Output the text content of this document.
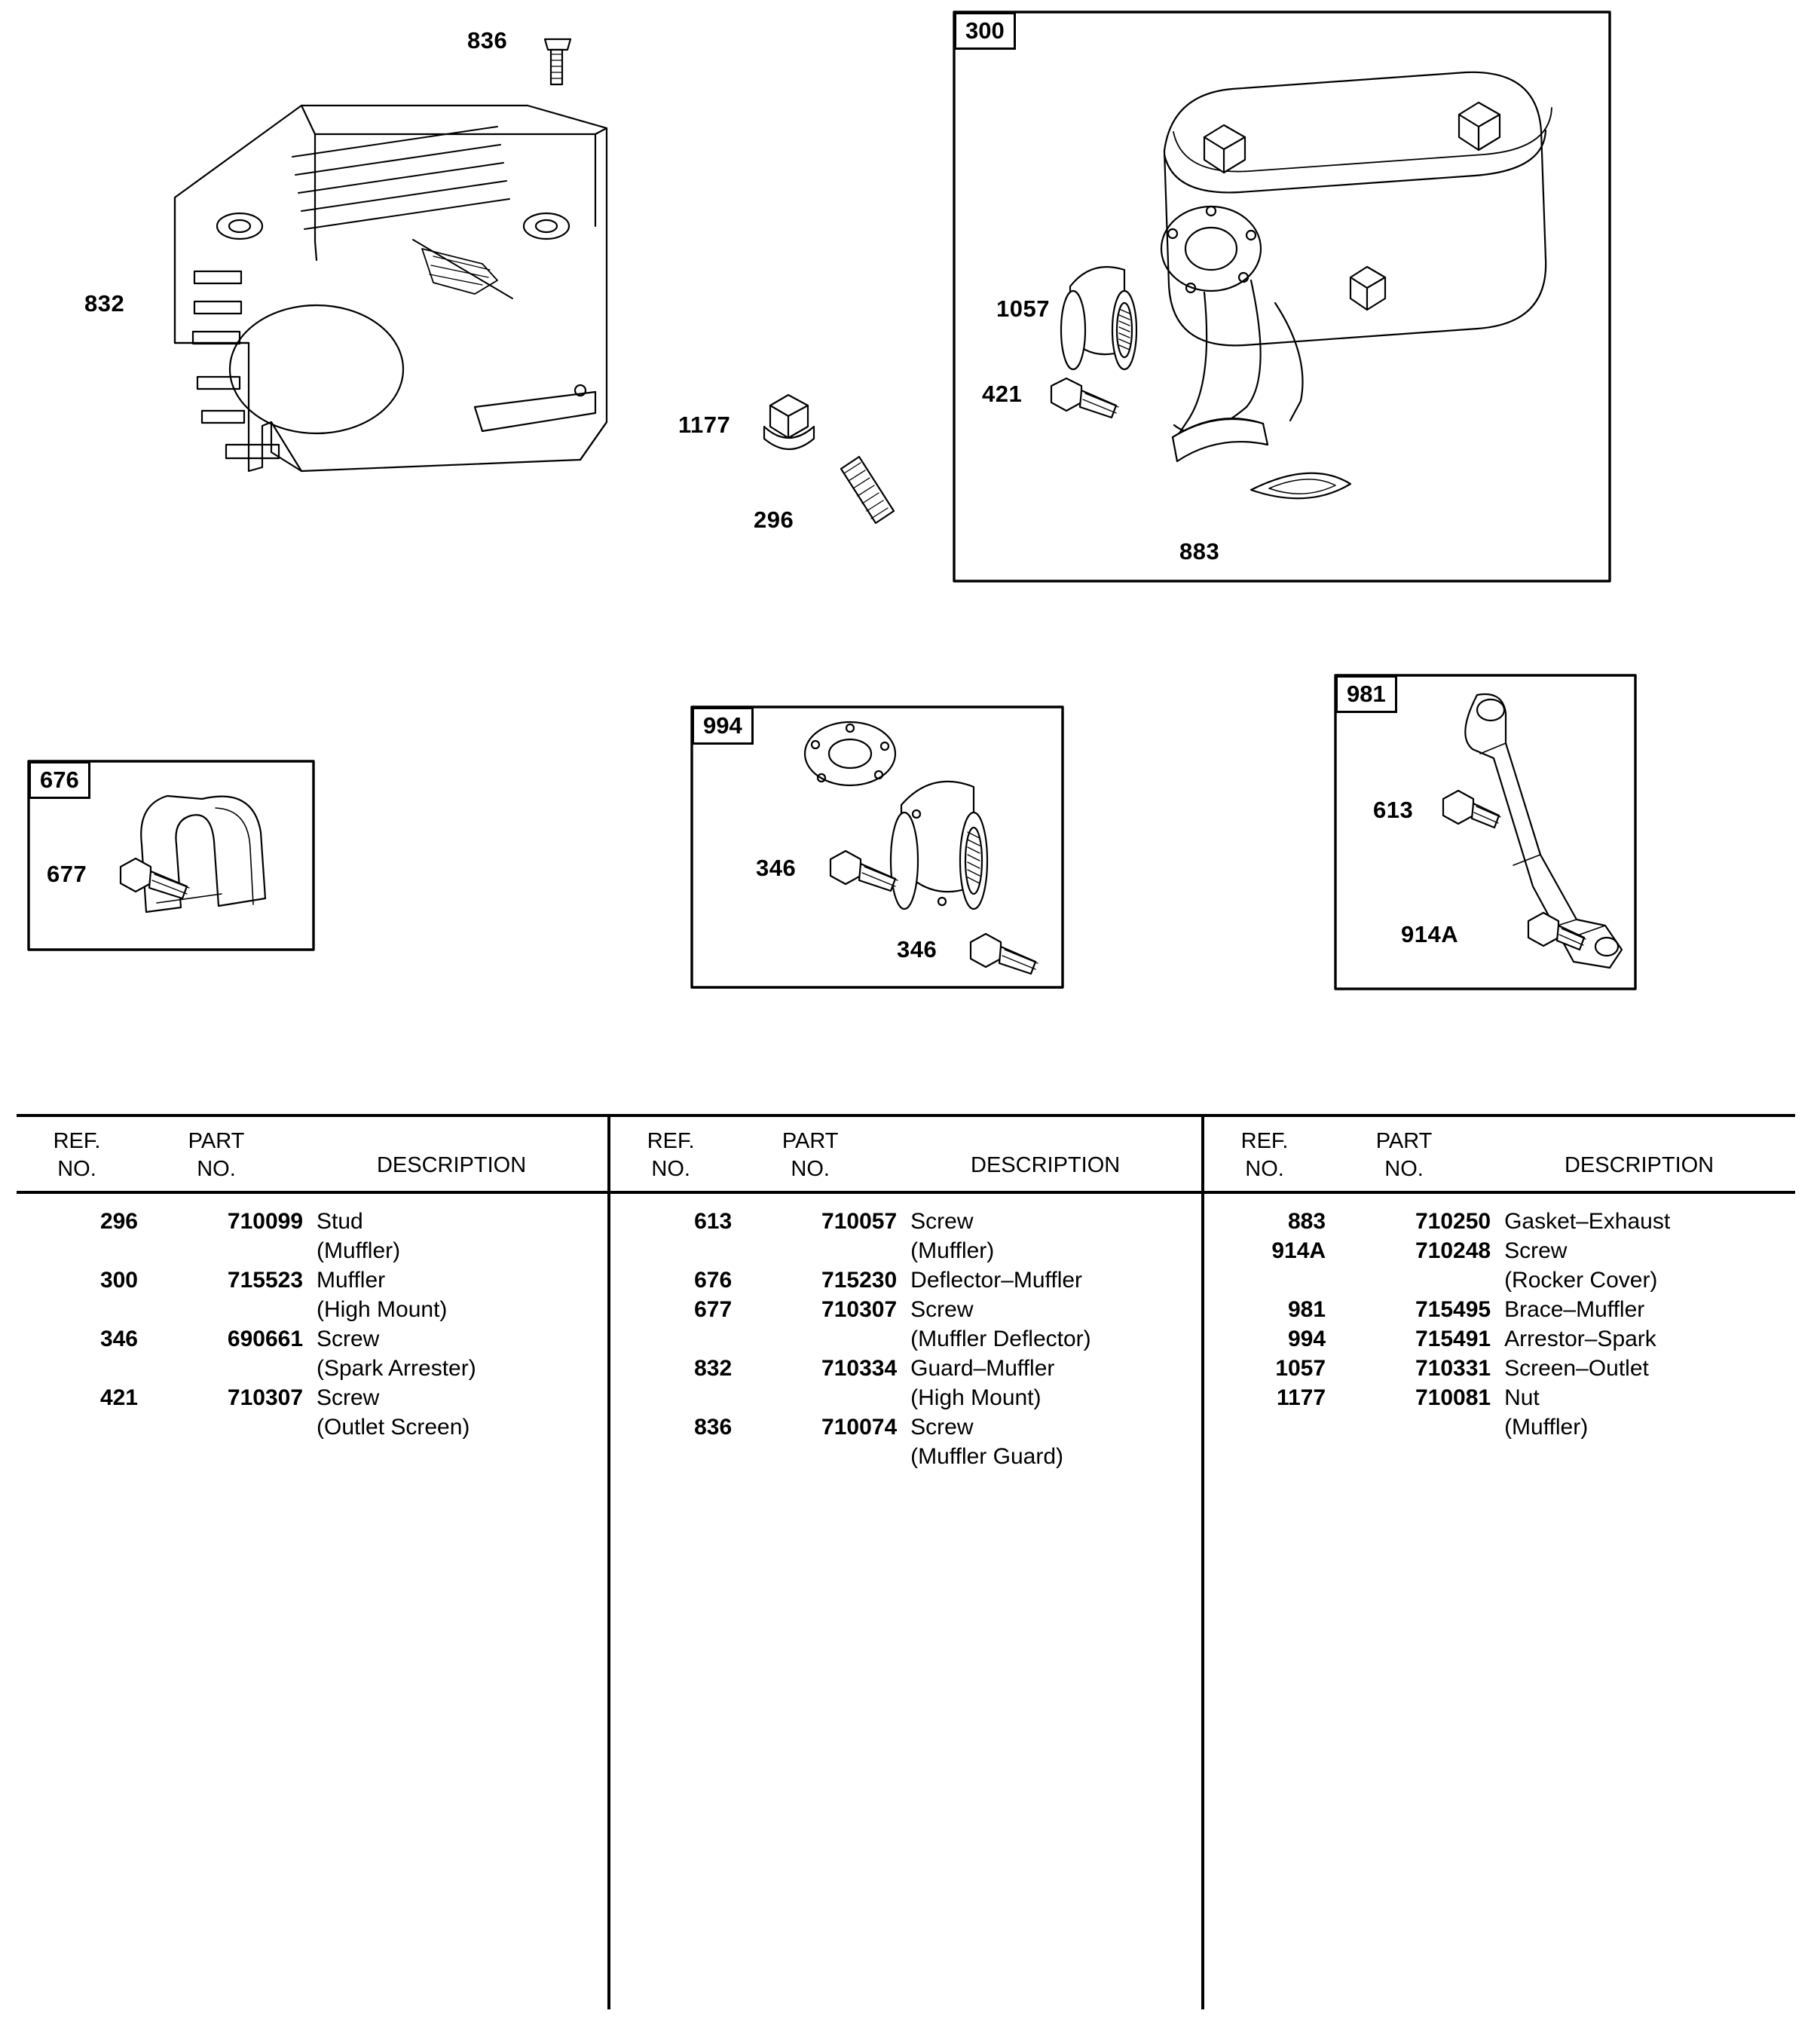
836
832
1177
296
1057
421
883
677	346
346
613
914A
300
676
994
981
REF.
NO.
PART
NO.	DESCRIPTION

REF.
NO.
PART
NO.	DESCRIPTION

REF.
NO.
PART
NO.	DESCRIPTION

296	710099 Stud
(Muffler)
300	715523 Muffler
(High Mount)
346	690661 Screw
(Spark Arrester)
421	710307 Screw
(Outlet Screen)

613	710057 Screw
(Muffler)
676	715230 Deflector–Muffler
677	710307 Screw
(Muffler Deflector)
832	710334 Guard–Muffler
(High Mount)
836	710074 Screw
(Muffler Guard)

883	710250 Gasket–Exhaust
914A	710248 Screw
(Rocker Cover)
981	715495 Brace–Muffler
994	715491 Arrestor–Spark
1057	710331 Screen–Outlet
1177	710081 Nut
(Muffler)
